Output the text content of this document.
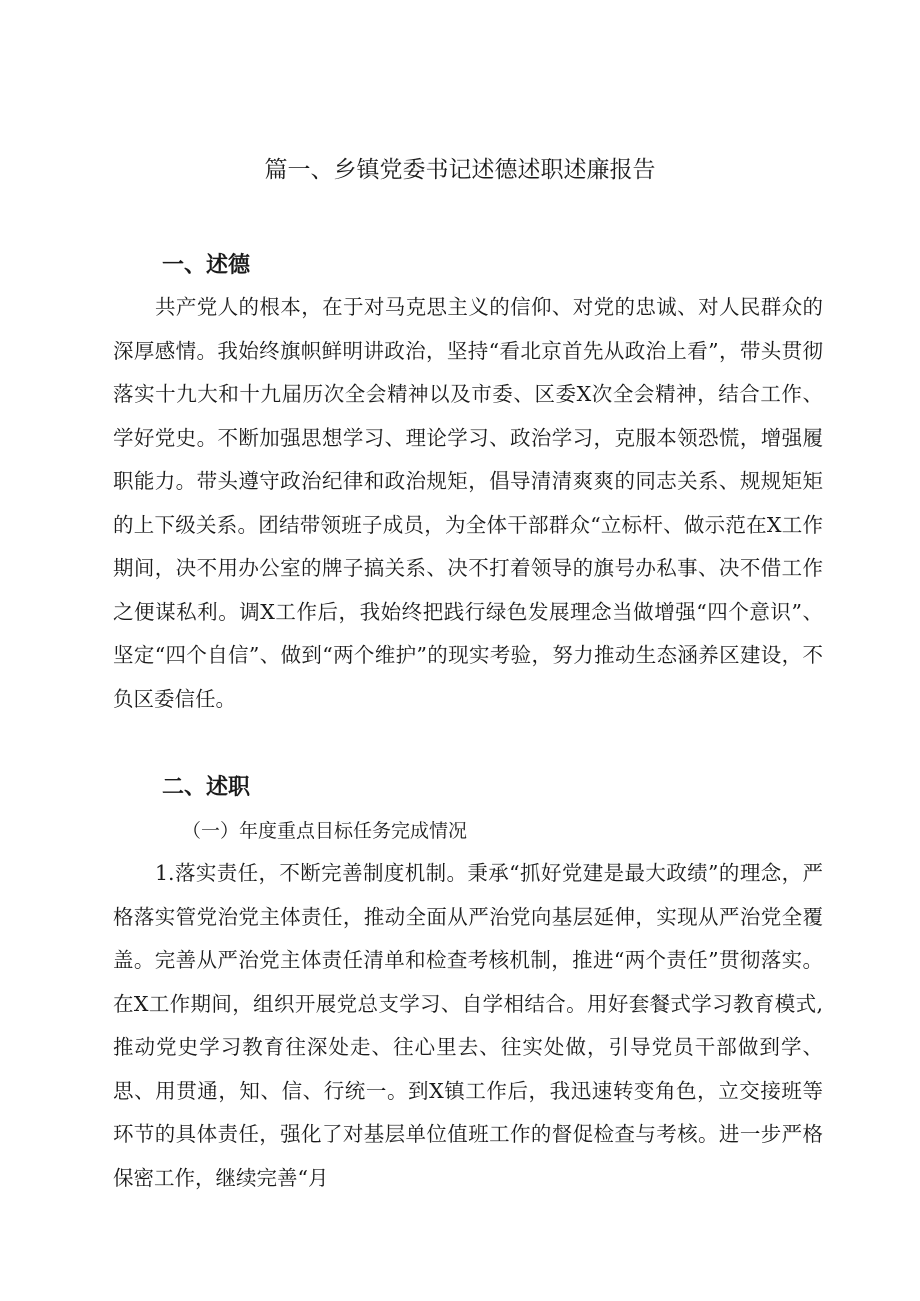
篇一、乡镇党委书记述德述职述廉报告
一、述德

共产党人的根本，在于对马克思主义的信仰、对党的忠诚、对人民群众的深厚感情。我始终旗帜鲜明讲政治，坚持“看北京首先从政治上看”，带头贯彻落实十九大和十九届历次全会精神以及市委、区委X次全会精神，结合工作、学好党史。不断加强思想学习、理论学习、政治学习，克服本领恐慌，增强履职能力。带头遵守政治纪律和政治规矩，倡导清清爽爽的同志关系、规规矩矩的上下级关系。团结带领班子成员，为全体干部群众“立标杆、做示范在X工作期间，决不用办公室的牌子搞关系、决不打着领导的旗号办私事、决不借工作之便谋私利。调X工作后，我始终把践行绿色发展理念当做增强“四个意识”、坚定“四个自信”、做到“两个维护”的现实考验，努力推动生态涵养区建设，不负区委信任。

二、述职

（一）年度重点目标任务完成情况

1.落实责任，不断完善制度机制。秉承“抓好党建是最大政绩”的理念，严格落实管党治党主体责任，推动全面从严治党向基层延伸，实现从严治党全覆盖。完善从严治党主体责任清单和检查考核机制，推进“两个责任”贯彻落实。在X工作期间，组织开展党总支学习、自学相结合。用好套餐式学习教育模式,推动党史学习教育往深处走、往心里去、往实处做，引导党员干部做到学、思、用贯通，知、信、行统一。到X镇工作后，我迅速转变角色，立交接班等环节的具体责任，强化了对基层单位值班工作的督促检查与考核。进一步严格保密工作，继续完善“月
